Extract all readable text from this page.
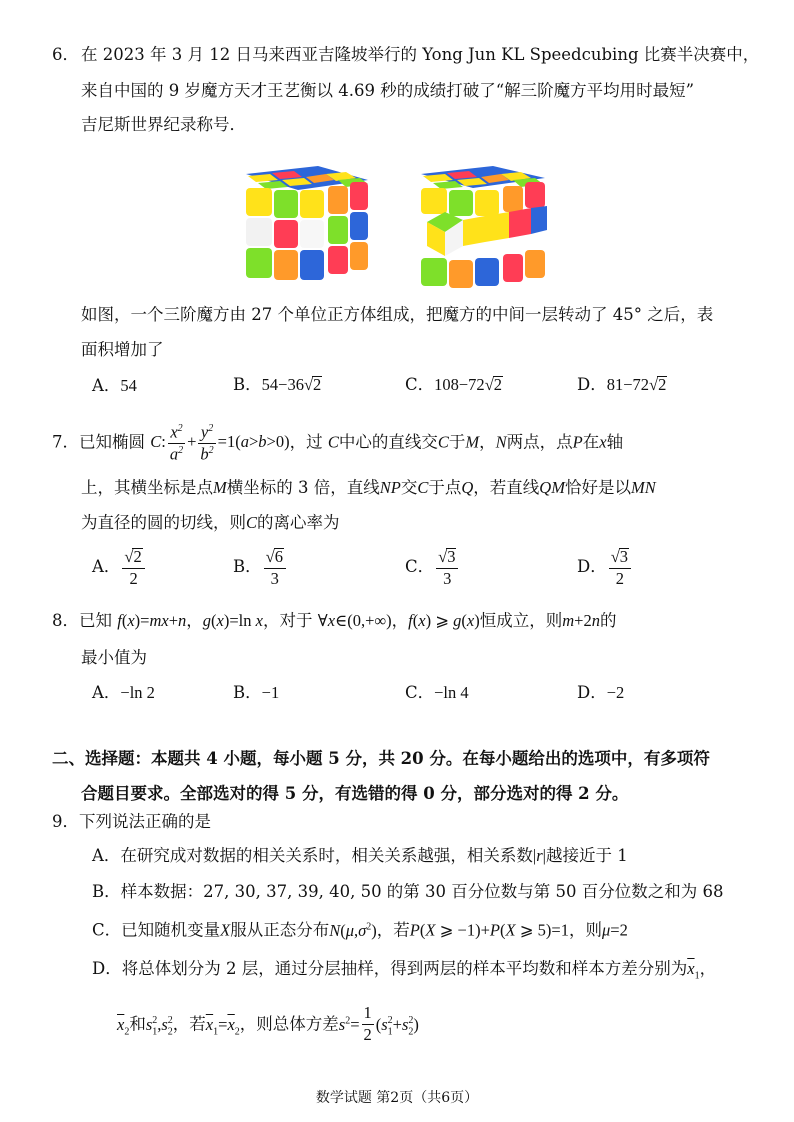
6． 在 2023 年 3 月 12 日马来西亚吉隆坡举行的 Yong Jun KL Speedcubing 比赛半决赛中，
来自中国的 9 岁魔方天才王艺衡以 4.69 秒的成绩打破了“解三阶魔方平均用时最短”
吉尼斯世界纪录称号．
如图，一个三阶魔方由 27 个单位正方体组成，把魔方的中间一层转动了 45° 之后，表
面积增加了
A．54	B．54−36√2	C．108−72√2	D．81−72√2
7．已知椭圆 C: $\frac{x^2}{a^2} + \frac{y^2}{b^2} =1(a>b>0)$，过 C中心的直线交C于M，N两点，点P在x轴
上，其横坐标是点M横坐标的 3 倍，直线NP交C于点Q，若直线QM恰好是以MN
为直径的圆的切线，则C的离心率为
A． $\frac{√2}{2}$	B． $\frac{√6}{3}$	C． $\frac{√3}{3}$	D． $\frac{√3}{2}$
8．已知 f(x)=mx+n，g(x)=ln x，对于 ∀x∈(0,+∞)，f(x) ⩾ g(x)恒成立，则m+2n的
最小值为
A．−ln 2	B．−1	C．−ln 4	D．−2
二、选择题：本题共 4 小题，每小题 5 分，共 20 分。在每小题给出的选项中，有多项符
合题目要求。全部选对的得 5 分，有选错的得 0 分，部分选对的得 2 分。
9．下列说法正确的是
A．在研究成对数据的相关关系时，相关关系越强，相关系数|r|越接近于 1
B．样本数据：27, 30, 37, 39, 40, 50 的第 30 百分位数与第 50 百分位数之和为 68
C．已知随机变量X服从正态分布$N(\mu,\sigma^2)$，若P(X ⩾ −1)+P(X ⩾ 5)=1，则μ=2
D．将总体划分为 2 层，通过分层抽样，得到两层的样本平均数和样本方差分别为$\overline{x}_1$，
$\overline{x}_2$和$s_1^2,s_2^2$，若$\overline{x}_1=\overline{x}_2$，则总体方差$s^2= \frac{1}{2} (s_1^2+s_2^2)$
数学试题 第2页（共6页）
